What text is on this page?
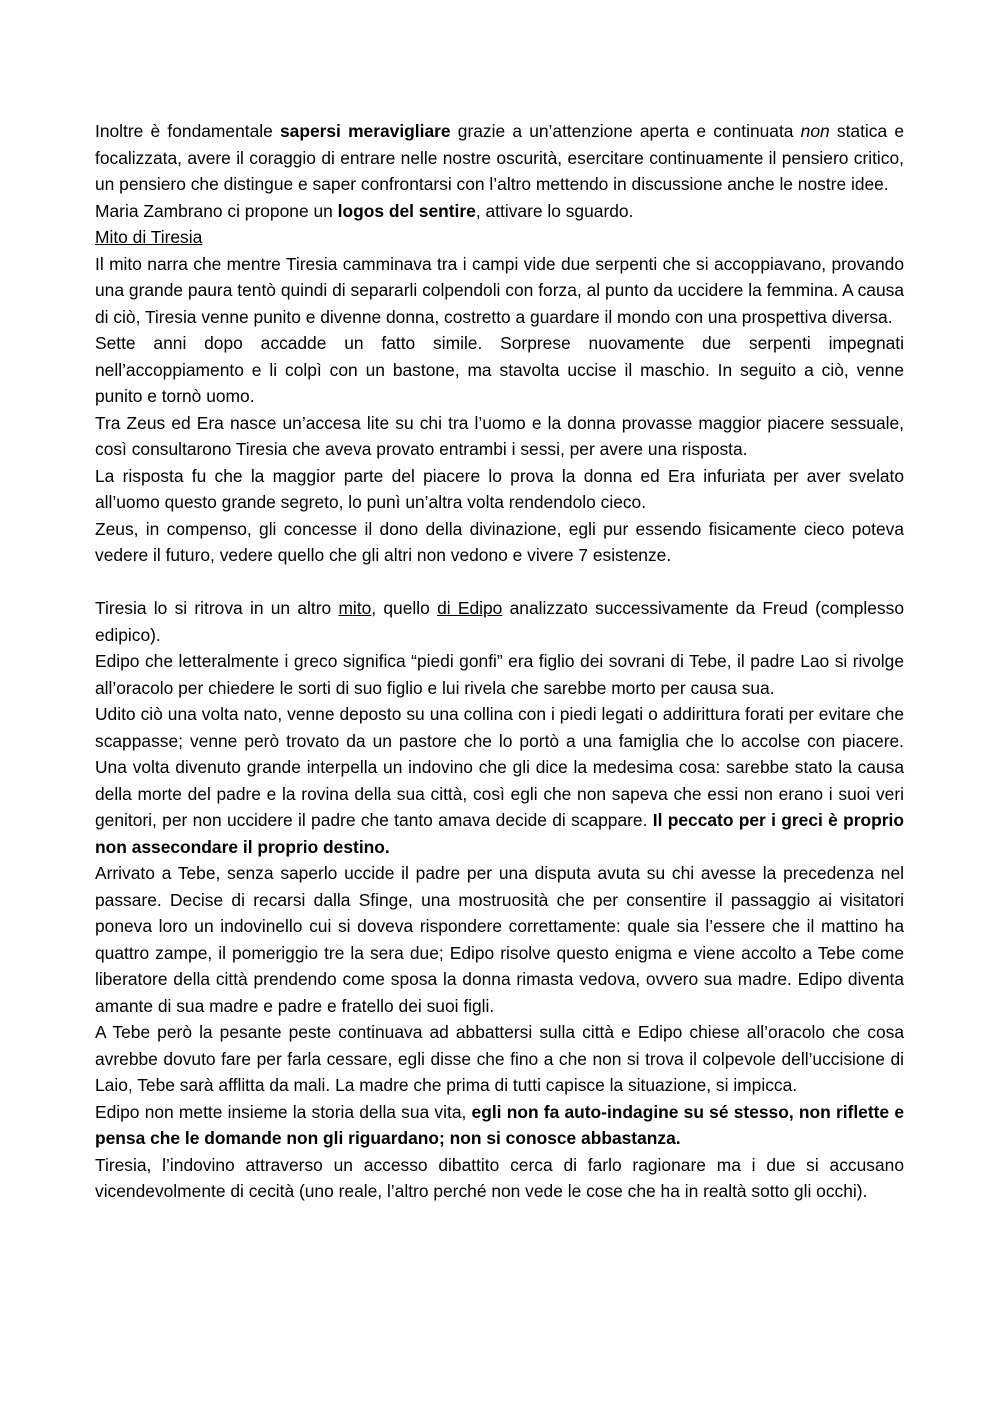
Inoltre è fondamentale sapersi meravigliare grazie a un’attenzione aperta e continuata non statica e focalizzata, avere il coraggio di entrare nelle nostre oscurità, esercitare continuamente il pensiero critico, un pensiero che distingue e saper confrontarsi con l’altro mettendo in discussione anche le nostre idee.

Maria Zambrano ci propone un logos del sentire, attivare lo sguardo.

Mito di Tiresia

Il mito narra che mentre Tiresia camminava tra i campi vide due serpenti che si accoppiavano, provando una grande paura tentò quindi di separarli colpendoli con forza, al punto da uccidere la femmina. A causa di ciò, Tiresia venne punito e divenne donna, costretto a guardare il mondo con una prospettiva diversa.

Sette anni dopo accadde un fatto simile. Sorprese nuovamente due serpenti impegnati nell’accoppiamento e li colpì con un bastone, ma stavolta uccise il maschio. In seguito a ciò, venne punito e tornò uomo.

Tra Zeus ed Era nasce un’accesa lite su chi tra l’uomo e la donna provasse maggior piacere sessuale, così consultarono Tiresia che aveva provato entrambi i sessi, per avere una risposta.

La risposta fu che la maggior parte del piacere lo prova la donna ed Era infuriata per aver svelato all’uomo questo grande segreto, lo punì un’altra volta rendendolo cieco.

Zeus, in compenso, gli concesse il dono della divinazione, egli pur essendo fisicamente cieco poteva vedere il futuro, vedere quello che gli altri non vedono e vivere 7 esistenze.

Tiresia lo si ritrova in un altro mito, quello di Edipo analizzato successivamente da Freud (complesso edipico).

Edipo che letteralmente i greco significa “piedi gonfi” era figlio dei sovrani di Tebe, il padre Lao si rivolge all’oracolo per chiedere le sorti di suo figlio e lui rivela che sarebbe morto per causa sua.

Udito ciò una volta nato, venne deposto su una collina con i piedi legati o addirittura forati per evitare che scappasse; venne però trovato da un pastore che lo portò a una famiglia che lo accolse con piacere. Una volta divenuto grande interpella un indovino che gli dice la medesima cosa: sarebbe stato la causa della morte del padre e la rovina della sua città, così egli che non sapeva che essi non erano i suoi veri genitori, per non uccidere il padre che tanto amava decide di scappare. Il peccato per i greci è proprio non assecondare il proprio destino.

Arrivato a Tebe, senza saperlo uccide il padre per una disputa avuta su chi avesse la precedenza nel passare. Decise di recarsi dalla Sfinge, una mostruosità che per consentire il passaggio ai visitatori poneva loro un indovinello cui si doveva rispondere correttamente: quale sia l’essere che il mattino ha quattro zampe, il pomeriggio tre la sera due; Edipo risolve questo enigma e viene accolto a Tebe come liberatore della città prendendo come sposa la donna rimasta vedova, ovvero sua madre. Edipo diventa amante di sua madre e padre e fratello dei suoi figli.

A Tebe però la pesante peste continuava ad abbattersi sulla città e Edipo chiese all’oracolo che cosa avrebbe dovuto fare per farla cessare, egli disse che fino a che non si trova il colpevole dell’uccisione di Laio, Tebe sarà afflitta da mali. La madre che prima di tutti capisce la situazione, si impicca.

Edipo non mette insieme la storia della sua vita, egli non fa auto-indagine su sé stesso, non riflette e pensa che le domande non gli riguardano; non si conosce abbastanza.

Tiresia, l’indovino attraverso un accesso dibattito cerca di farlo ragionare ma i due si accusano vicendevolmente di cecità (uno reale, l’altro perché non vede le cose che ha in realtà sotto gli occhi).
